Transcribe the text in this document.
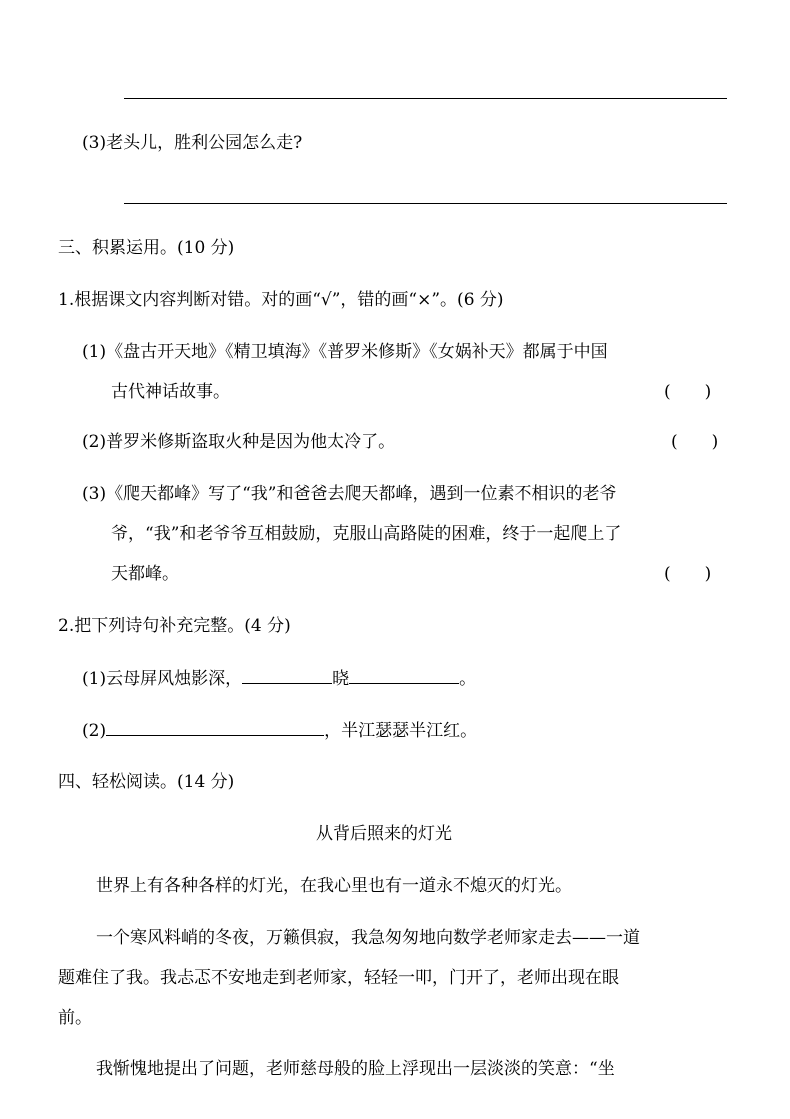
(3)老头儿，胜利公园怎么走?
三、积累运用。(10 分)
1.根据课文内容判断对错。对的画“√”，错的画“×”。(6 分)
(1)《盘古开天地》《精卫填海》《普罗米修斯》《女娲补天》都属于中国
古代神话故事。	(　　)
(2)普罗米修斯盗取火种是因为他太冷了。	(　　)
(3)《爬天都峰》写了“我”和爸爸去爬天都峰，遇到一位素不相识的老爷
爷，“我”和老爷爷互相鼓励，克服山高路陡的困难，终于一起爬上了
天都峰。	(　　)
2.把下列诗句补充完整。(4 分)
(1)云母屏风烛影深，	晓	。
(2)	，半江瑟瑟半江红。
四、轻松阅读。(14 分)
从背后照来的灯光
世界上有各种各样的灯光，在我心里也有一道永不熄灭的灯光。
一个寒风料峭的冬夜，万籁俱寂，我急匆匆地向数学老师家走去——一道
题难住了我。我忐忑不安地走到老师家，轻轻一叩，门开了，老师出现在眼
前。
我惭愧地提出了问题，老师慈母般的脸上浮现出一层淡淡的笑意：“坐
